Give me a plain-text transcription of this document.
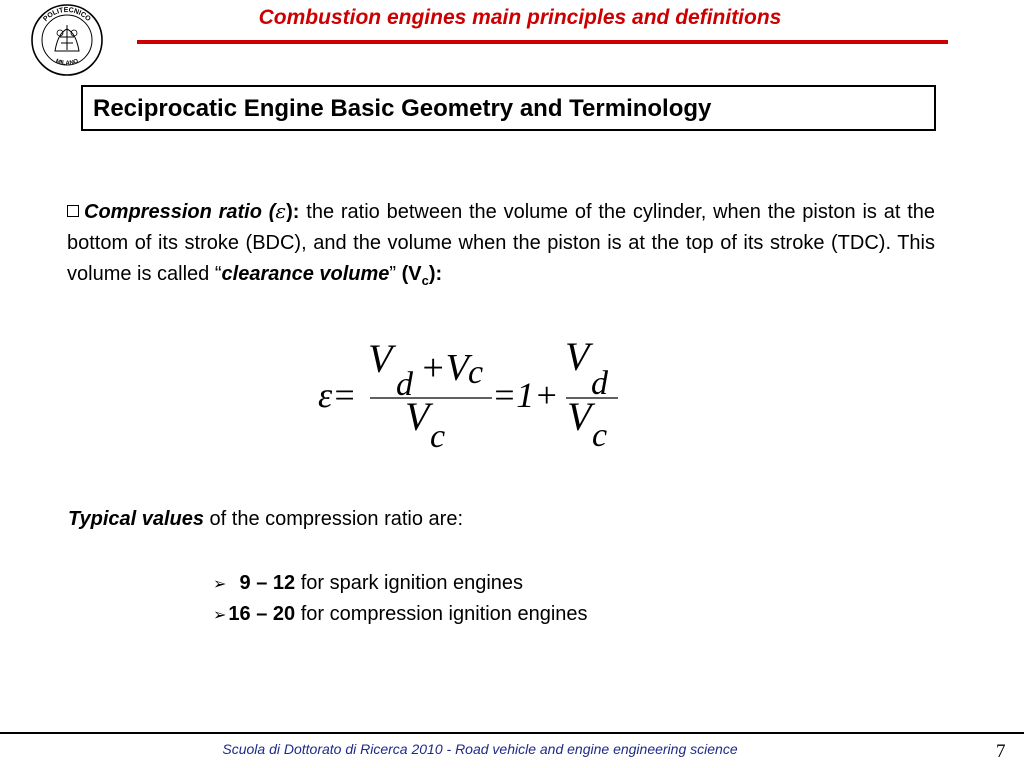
POLITECNICO
MILANO
Combustion engines main principles and definitions
Reciprocatic Engine Basic Geometry and Terminology
Compression ratio (ε): the ratio between the volume of the cylinder, when the piston is at the bottom of its stroke (BDC), and the volume when the piston is at the top of its stroke (TDC). This volume is called “clearance volume” $(V_c)$:
ε=
V
d +V c
V c
=1+
V
d
V c
Typical values of the compression ratio are:
➢ 9 – 12 for spark ignition engines
➢ 16 – 20 for compression ignition engines
Scuola di Dottorato di Ricerca 2010 - Road vehicle and engine engineering science	7
